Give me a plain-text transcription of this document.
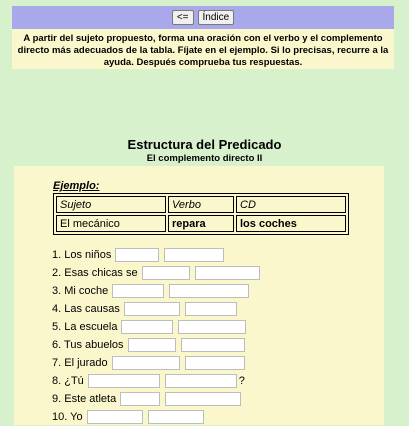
<=	Índice
A partir del sujeto propuesto, forma una oración con el verbo y el complemento directo más adecuados de la tabla. Fíjate en el ejemplo. Si lo precisas, recurre a la ayuda. Después comprueba tus respuestas.
Estructura del Predicado
El complemento directo II
Ejemplo:
Sujeto	Verbo	CD
El mecánico	repara	los coches
1. Los niños
2. Esas chicas se
3. Mi coche
4. Las causas
5. La escuela
6. Tus abuelos
7. El jurado
8. ¿Tú	?
9. Este atleta
10. Yo
